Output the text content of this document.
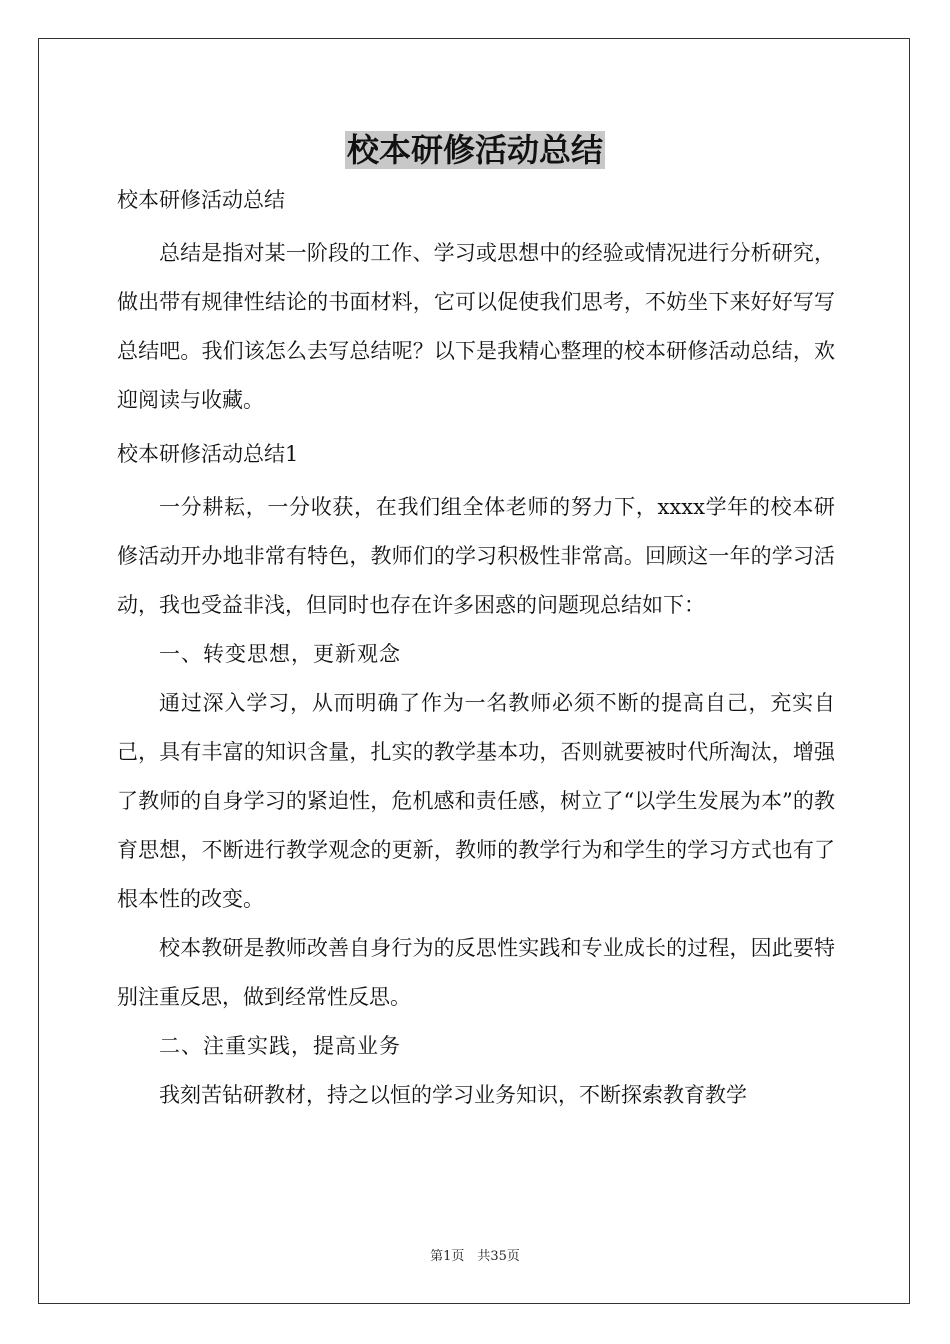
校本研修活动总结

校本研修活动总结

总结是指对某一阶段的工作、学习或思想中的经验或情况进行分析研究，做出带有规律性结论的书面材料，它可以促使我们思考，不妨坐下来好好写写总结吧。我们该怎么去写总结呢？以下是我精心整理的校本研修活动总结，欢迎阅读与收藏。

校本研修活动总结1

一分耕耘，一分收获，在我们组全体老师的努力下，xxxx学年的校本研修活动开办地非常有特色，教师们的学习积极性非常高。回顾这一年的学习活动，我也受益非浅，但同时也存在许多困惑的问题现总结如下：

一、转变思想，更新观念

通过深入学习，从而明确了作为一名教师必须不断的提高自己，充实自己，具有丰富的知识含量，扎实的教学基本功，否则就要被时代所淘汰，增强了教师的自身学习的紧迫性，危机感和责任感，树立了“以学生发展为本”的教育思想，不断进行教学观念的更新，教师的教学行为和学生的学习方式也有了根本性的改变。

校本教研是教师改善自身行为的反思性实践和专业成长的过程，因此要特别注重反思，做到经常性反思。

二、注重实践，提高业务

我刻苦钻研教材，持之以恒的学习业务知识，不断探索教育教学

第1页　共35页
